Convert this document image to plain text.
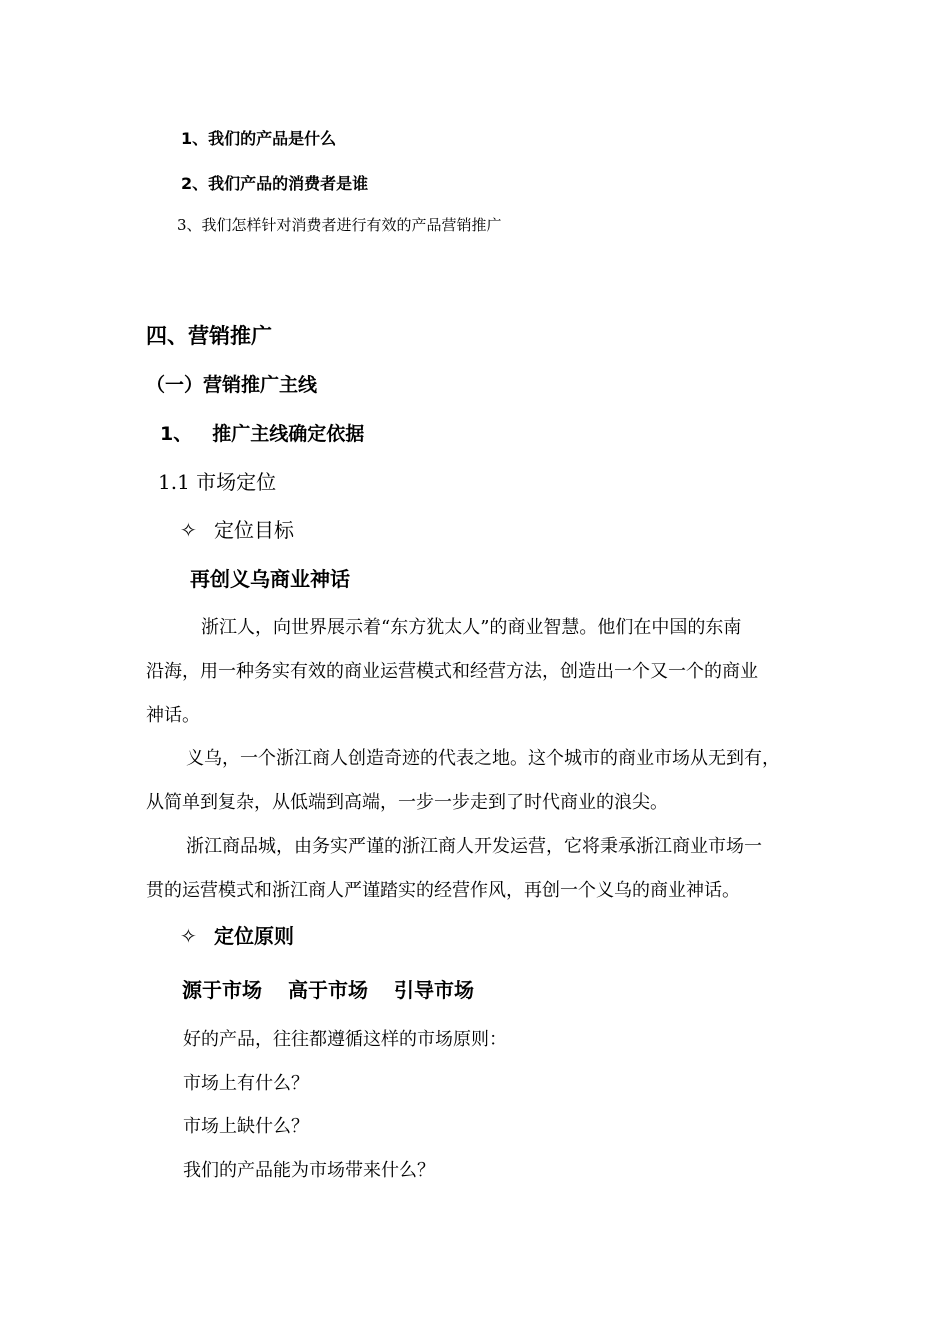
1、我们的产品是什么
2、我们产品的消费者是谁
3、我们怎样针对消费者进行有效的产品营销推广
四、营销推广
（一）营销推广主线
1、 推广主线确定依据
1.1 市场定位
✧ 定位目标
再创义乌商业神话
浙江人，向世界展示着“东方犹太人”的商业智慧。他们在中国的东南
沿海，用一种务实有效的商业运营模式和经营方法，创造出一个又一个的商业
神话。
义乌，一个浙江商人创造奇迹的代表之地。这个城市的商业市场从无到有，
从简单到复杂，从低端到高端，一步一步走到了时代商业的浪尖。
浙江商品城，由务实严谨的浙江商人开发运营，它将秉承浙江商业市场一
贯的运营模式和浙江商人严谨踏实的经营作风，再创一个义乌的商业神话。
✧ 定位原则
源于市场 高于市场 引导市场
好的产品，往往都遵循这样的市场原则：
市场上有什么？
市场上缺什么？
我们的产品能为市场带来什么？
